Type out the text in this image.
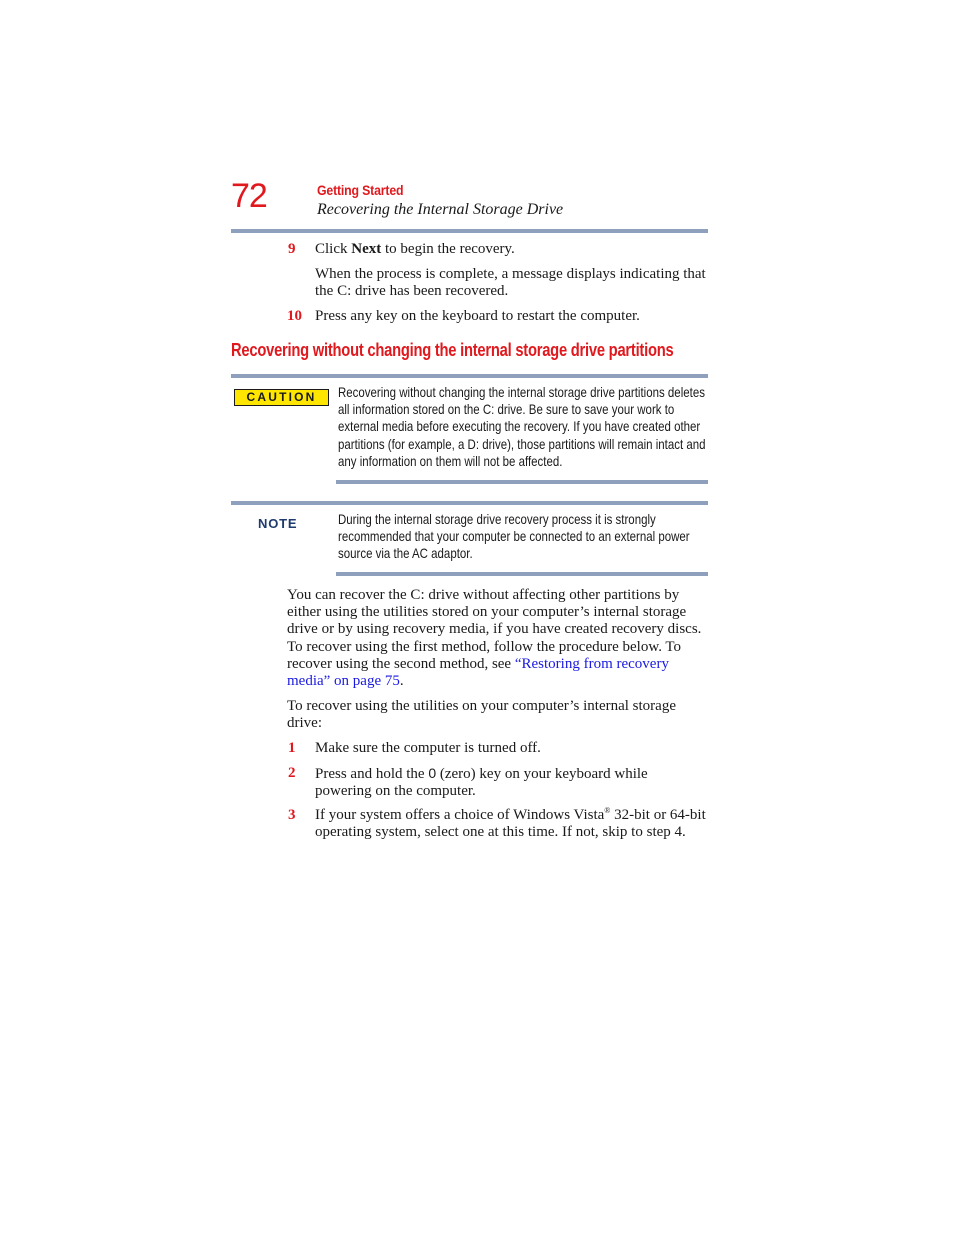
72	Getting Started
Recovering the Internal Storage Drive
9 Click Next to begin the recovery.
When the process is complete, a message displays indicating that the C: drive has been recovered.
10 Press any key on the keyboard to restart the computer.
Recovering without changing the internal storage drive partitions
CAUTION	Recovering without changing the internal storage drive partitions deletes all information stored on the C: drive. Be sure to save your work to external media before executing the recovery. If you have created other partitions (for example, a D: drive), those partitions will remain intact and any information on them will not be affected.
NOTE	During the internal storage drive recovery process it is strongly recommended that your computer be connected to an external power source via the AC adaptor.
You can recover the C: drive without affecting other partitions by either using the utilities stored on your computer’s internal storage drive or by using recovery media, if you have created recovery discs. To recover using the first method, follow the procedure below. To recover using the second method, see “Restoring from recovery media” on page 75.
To recover using the utilities on your computer’s internal storage drive:
1 Make sure the computer is turned off.
2 Press and hold the 0 (zero) key on your keyboard while powering on the computer.
3 If your system offers a choice of Windows Vista® 32-bit or 64-bit operating system, select one at this time. If not, skip to step 4.
